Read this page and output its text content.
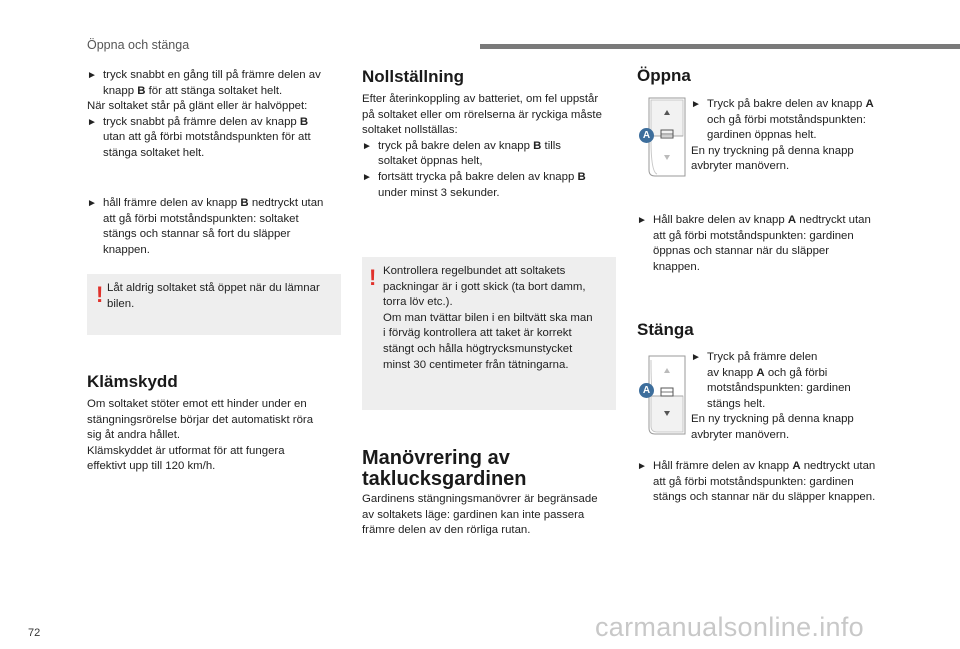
Öppna och stänga
► tryck snabbt en gång till på främre delen av

knapp B för att stänga soltaket helt.

När soltaket står på glänt eller är halvöppet:

► tryck snabbt på främre delen av knapp B

utan att gå förbi motståndspunkten för att

stänga soltaket helt.

► håll främre delen av knapp B nedtryckt utan

att gå förbi motståndspunkten: soltaket

stängs och stannar så fort du släpper

knappen.

! Låt aldrig soltaket stå öppet när du lämnar

bilen.

Klämskydd

Om soltaket stöter emot ett hinder under en

stängningsrörelse börjar det automatiskt röra

sig åt andra hållet.

Klämskyddet är utformat för att fungera

effektivt upp till 120 km/h.

Nollställning

Efter återinkoppling av batteriet, om fel uppstår

på soltaket eller om rörelserna är ryckiga måste

soltaket nollställas:

► tryck på bakre delen av knapp B tills

soltaket öppnas helt,

► fortsätt trycka på bakre delen av knapp B

under minst 3 sekunder.

! Kontrollera regelbundet att soltakets

packningar är i gott skick (ta bort damm,

torra löv etc.).

Om man tvättar bilen i en biltvätt ska man

i förväg kontrollera att taket är korrekt

stängt och hålla högtrycksmunstycket

minst 30 centimeter från tätningarna.

Manövrering av
taklucksgardinen

Gardinens stängningsmanövrer är begränsade

av soltakets läge: gardinen kan inte passera

främre delen av den rörliga rutan.

Öppna
A
► Tryck på bakre delen av knapp A

och gå förbi motståndspunkten:

gardinen öppnas helt.

En ny tryckning på denna knapp

avbryter manövern.

► Håll bakre delen av knapp A nedtryckt utan

att gå förbi motståndspunkten: gardinen

öppnas och stannar när du släpper

knappen.

Stänga
A
► Tryck på främre delen

av knapp A och gå förbi

motståndspunkten: gardinen

stängs helt.

En ny tryckning på denna knapp

avbryter manövern.

► Håll främre delen av knapp A nedtryckt utan

att gå förbi motståndspunkten: gardinen

stängs och stannar när du släpper knappen.

72	carmanualsonline.info
